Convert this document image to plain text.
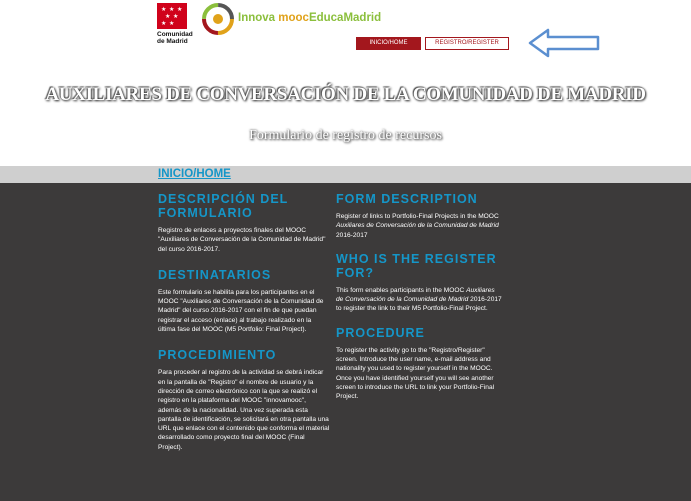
★ ★ ★
★ ★
★ ★
Comunidad
de Madrid
Innova moocEducaMadrid
INICIO/HOME	REGISTRO/REGISTER
AUXILIARES DE CONVERSACIÓN DE LA COMUNIDAD DE MADRID
Formulario de registro de recursos
INICIO/HOME
DESCRIPCIÓN DEL FORMULARIO

Registro de enlaces a proyectos finales del MOOC "Auxiliares de Conversación de la Comunidad de Madrid" del curso 2016-2017.

DESTINATARIOS

Este formulario se habilita para los participantes en el MOOC "Auxiliares de Conversación de la Comunidad de Madrid" del curso 2016-2017 con el fin de que puedan registrar el acceso (enlace) al trabajo realizado en la última fase del MOOC (M5 Portfolio: Final Project).

PROCEDIMIENTO

Para proceder al registro de la actividad se debrá indicar en la pantalla de "Registro" el nombre de usuario y la dirección de correo electrónico con la que se realizó el registro en la plataforma del MOOC "innovamooc", además de la nacionalidad. Una vez superada esta pantalla de identificación, se solicitará en otra pantalla una URL que enlace con el contenido que conforma el material desarrollado como proyecto final del MOOC (Final Project).

FORM DESCRIPTION

Register of links to Portfolio-Final Projects in the MOOC Auxiliares de Conversación de la Comunidad de Madrid 2016-2017

WHO IS THE REGISTER FOR?

This form enables participants in the MOOC Auxiliares de Conversación de la Comunidad de Madrid 2016-2017 to register the link to their M5 Portfolio-Final Project.

PROCEDURE

To register the activity go to the "Registro/Register" screen. Introduce the user name, e-mail address and nationality you used to register yourself in the MOOC. Once you have identified yourself you will see another screen to introduce the URL to link your Portfolio-Final Project.
